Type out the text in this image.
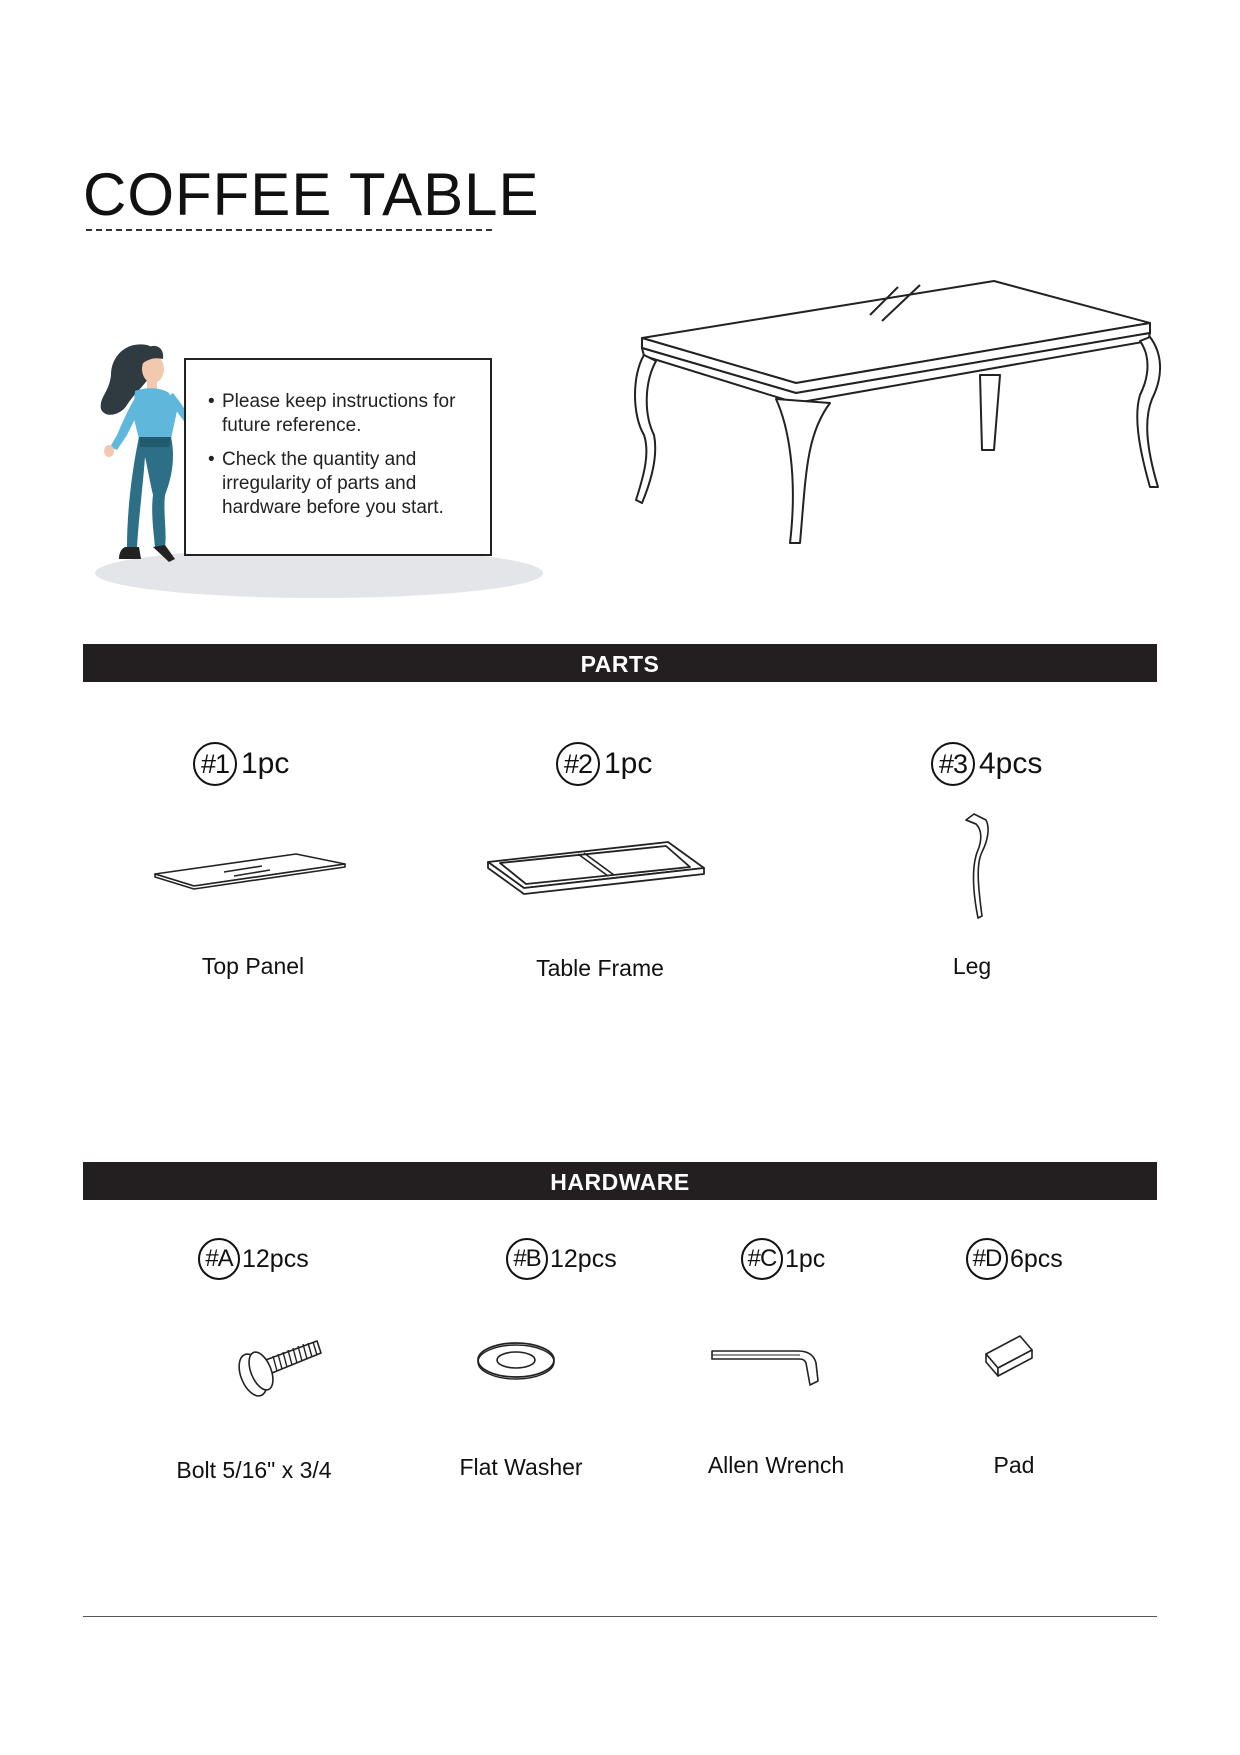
COFFEE TABLE
• Please keep instructions for future reference.
• Check the quantity and irregularity of parts and hardware before you start.
PARTS
#1 1pc	#2 1pc	#3 4pcs
Top Panel	Table Frame	Leg
HARDWARE
#A 12pcs	#B 12pcs	#C 1pc	#D 6pcs
Bolt 5/16" x 3/4	Flat Washer	Allen Wrench	Pad
